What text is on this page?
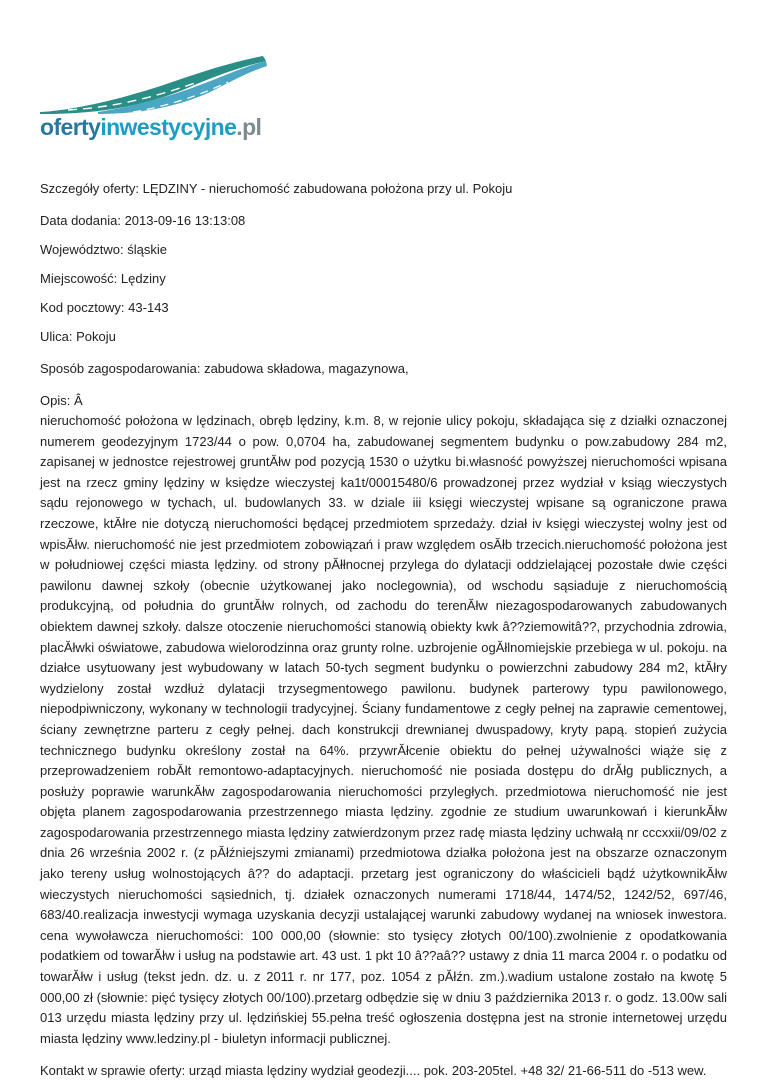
ofertyinwestycyjne.pl

Szczegóły oferty: LĘDZINY - nieruchomość zabudowana położona przy ul. Pokoju

Data dodania: 2013-09-16 13:13:08

Województwo: śląskie

Miejscowość: Lędziny

Kod pocztowy: 43-143

Ulica: Pokoju

Sposób zagospodarowania: zabudowa składowa, magazynowa,

Opis: Â

nieruchomość położona w lędzinach, obręb lędziny, k.m. 8, w rejonie ulicy pokoju, składająca się z działki oznaczonej numerem geodezyjnym 1723/44 o pow. 0,0704 ha, zabudowanej segmentem budynku o pow.zabudowy 284 m2, zapisanej w jednostce rejestrowej gruntĂłw pod pozycją 1530 o użytku bi.własność powyższej nieruchomości wpisana jest na rzecz gminy lędziny w księdze wieczystej ka1t/00015480/6 prowadzonej przez wydział v ksiąg wieczystych sądu rejonowego w tychach, ul. budowlanych 33. w dziale iii księgi wieczystej wpisane są ograniczone prawa rzeczowe, ktĂłre nie dotyczą nieruchomości będącej przedmiotem sprzedaży. dział iv księgi wieczystej wolny jest od wpisĂłw. nieruchomość nie jest przedmiotem zobowiązań i praw względem osĂłb trzecich.nieruchomość położona jest w południowej części miasta lędziny. od strony pĂłłnocnej przylega do dylatacji oddzielającej pozostałe dwie części pawilonu dawnej szkoły (obecnie użytkowanej jako noclegownia), od wschodu sąsiaduje z nieruchomością produkcyjną, od południa do gruntĂłw rolnych, od zachodu do terenĂłw niezagospodarowanych zabudowanych obiektem dawnej szkoły. dalsze otoczenie nieruchomości stanowią obiekty kwk â??ziemowitâ??, przychodnia zdrowia, placĂłwki oświatowe, zabudowa wielorodzinna oraz grunty rolne. uzbrojenie ogĂłlnomiejskie przebiega w ul. pokoju. na działce usytuowany jest wybudowany w latach 50-tych segment budynku o powierzchni zabudowy 284 m2, ktĂłry wydzielony został wzdłuż dylatacji trzysegmentowego pawilonu. budynek parterowy typu pawilonowego, niepodpiwniczony, wykonany w technologii tradycyjnej. Ściany fundamentowe z cegły pełnej na zaprawie cementowej, ściany zewnętrzne parteru z cegły pełnej. dach konstrukcji drewnianej dwuspadowy, kryty papą. stopień zużycia technicznego budynku określony został na 64%. przywrĂłcenie obiektu do pełnej używalności wiąże się z przeprowadzeniem robĂłt remontowo-adaptacyjnych. nieruchomość nie posiada dostępu do drĂłg publicznych, a posłuży poprawie warunkĂłw zagospodarowania nieruchomości przyległych. przedmiotowa nieruchomość nie jest objęta planem zagospodarowania przestrzennego miasta lędziny. zgodnie ze studium uwarunkowań i kierunkĂłw zagospodarowania przestrzennego miasta lędziny zatwierdzonym przez radę miasta lędziny uchwałą nr cccxxii/09/02 z dnia 26 września 2002 r. (z pĂłźniejszymi zmianami) przedmiotowa działka położona jest na obszarze oznaczonym jako tereny usług wolnostojących â?? do adaptacji. przetarg jest ograniczony do właścicieli bądź użytkownikĂłw wieczystych nieruchomości sąsiednich, tj. działek oznaczonych numerami 1718/44, 1474/52, 1242/52, 697/46, 683/40.realizacja inwestycji wymaga uzyskania decyzji ustalającej warunki zabudowy wydanej na wniosek inwestora. cena wywoławcza nieruchomości: 100 000,00 (słownie: sto tysięcy złotych 00/100).zwolnienie z opodatkowania podatkiem od towarĂłw i usług na podstawie art. 43 ust. 1 pkt 10 â??aâ?? ustawy z dnia 11 marca 2004 r. o podatku od towarĂłw i usług (tekst jedn. dz. u. z 2011 r. nr 177, poz. 1054 z pĂłźn. zm.).wadium ustalone zostało na kwotę 5 000,00 zł (słownie: pięć tysięcy złotych 00/100).przetarg odbędzie się w dniu 3 października 2013 r. o godz. 13.00w sali 013 urzędu miasta lędziny przy ul. lędzińskiej 55.pełna treść ogłoszenia dostępna jest na stronie internetowej urzędu miasta lędziny www.ledziny.pl - biuletyn informacji publicznej.

Kontakt w sprawie oferty: urząd miasta lędziny wydział geodezji.... pok. 203-205tel. +48 32/ 21-66-511 do -513 wew.
